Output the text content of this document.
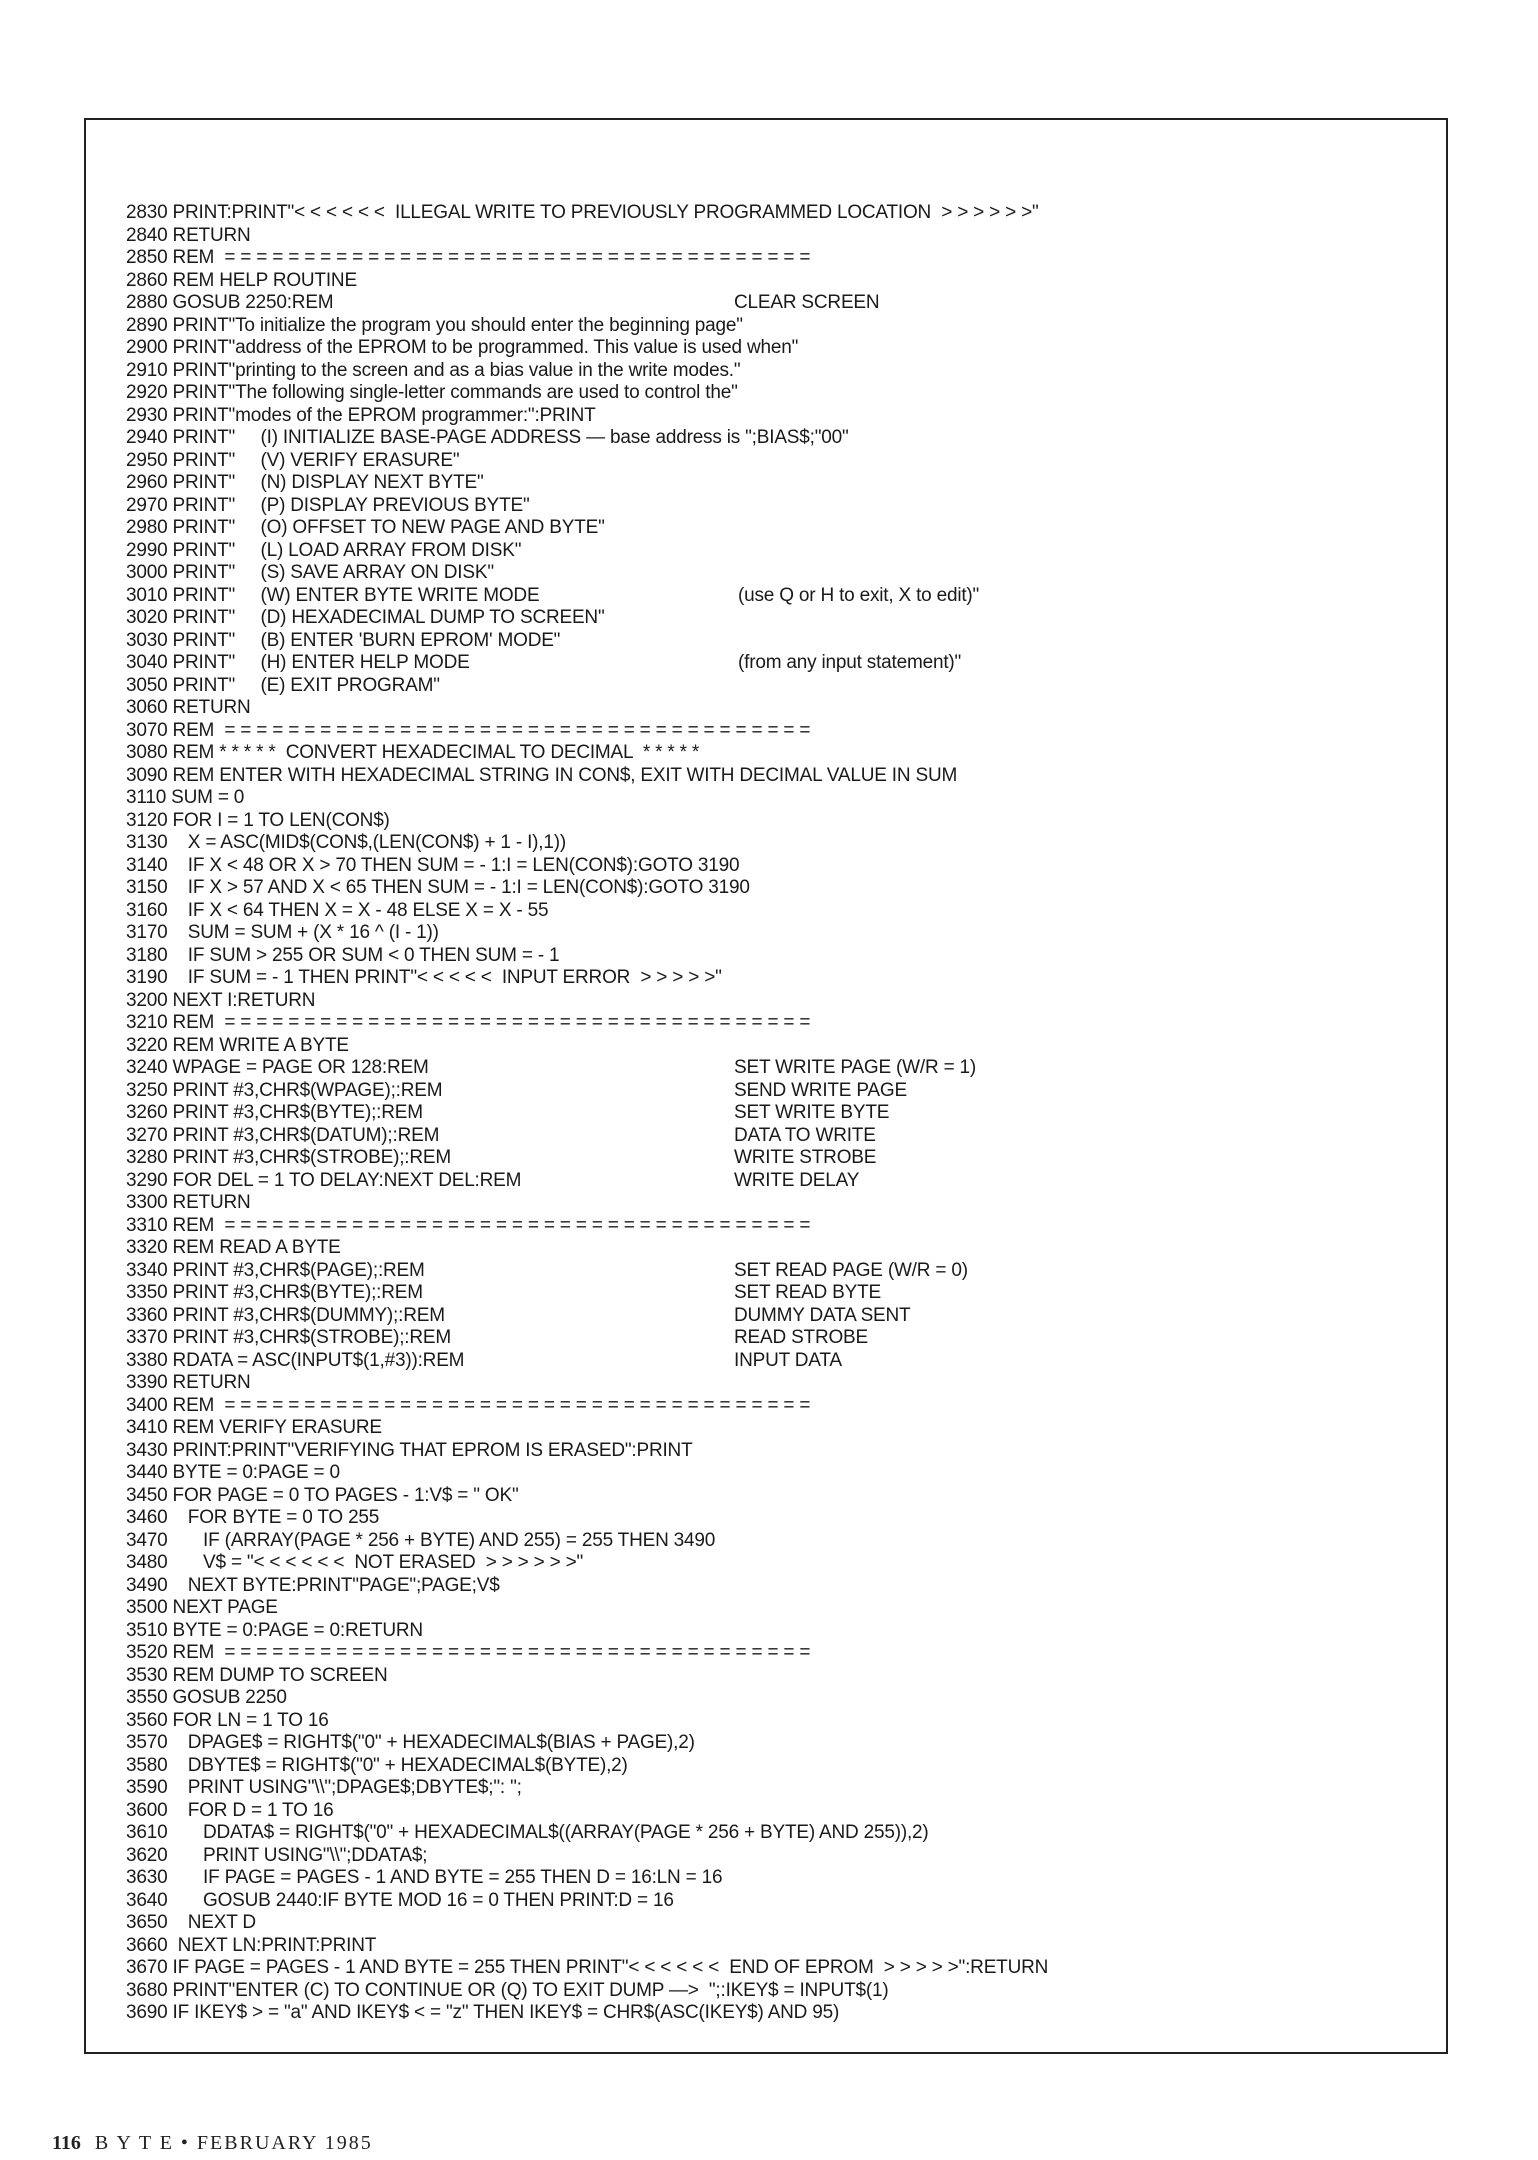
2830 PRINT:PRINT"< < < < < <  ILLEGAL WRITE TO PREVIOUSLY PROGRAMMED LOCATION  > > > > > >"
2840 RETURN
2850 REM  = = = = = = = = = = = = = = = = = = = = = = = = = = = = = = = = = = = = =
2860 REM HELP ROUTINE
2880 GOSUB 2250:REM	CLEAR SCREEN
2890 PRINT"To initialize the program you should enter the beginning page"
2900 PRINT"address of the EPROM to be programmed. This value is used when"
2910 PRINT"printing to the screen and as a bias value in the write modes."
2920 PRINT"The following single-letter commands are used to control the"
2930 PRINT"modes of the EPROM programmer:":PRINT
2940 PRINT"     (I) INITIALIZE BASE-PAGE ADDRESS — base address is ";BIAS$;"00"
2950 PRINT"     (V) VERIFY ERASURE"
2960 PRINT"     (N) DISPLAY NEXT BYTE"
2970 PRINT"     (P) DISPLAY PREVIOUS BYTE"
2980 PRINT"     (O) OFFSET TO NEW PAGE AND BYTE"
2990 PRINT"     (L) LOAD ARRAY FROM DISK"
3000 PRINT"     (S) SAVE ARRAY ON DISK"
3010 PRINT"     (W) ENTER BYTE WRITE MODE	(use Q or H to exit, X to edit)"
3020 PRINT"     (D) HEXADECIMAL DUMP TO SCREEN"
3030 PRINT"     (B) ENTER 'BURN EPROM' MODE"
3040 PRINT"     (H) ENTER HELP MODE	(from any input statement)"
3050 PRINT"     (E) EXIT PROGRAM"
3060 RETURN
3070 REM  = = = = = = = = = = = = = = = = = = = = = = = = = = = = = = = = = = = = =
3080 REM * * * * *  CONVERT HEXADECIMAL TO DECIMAL  * * * * *
3090 REM ENTER WITH HEXADECIMAL STRING IN CON$, EXIT WITH DECIMAL VALUE IN SUM
3110 SUM = 0
3120 FOR I = 1 TO LEN(CON$)
3130    X = ASC(MID$(CON$,(LEN(CON$) + 1 - I),1))
3140    IF X < 48 OR X > 70 THEN SUM = - 1:I = LEN(CON$):GOTO 3190
3150    IF X > 57 AND X < 65 THEN SUM = - 1:I = LEN(CON$):GOTO 3190
3160    IF X < 64 THEN X = X - 48 ELSE X = X - 55
3170    SUM = SUM + (X * 16 ^ (I - 1))
3180    IF SUM > 255 OR SUM < 0 THEN SUM = - 1
3190    IF SUM = - 1 THEN PRINT"< < < < <  INPUT ERROR  > > > > >"
3200 NEXT I:RETURN
3210 REM  = = = = = = = = = = = = = = = = = = = = = = = = = = = = = = = = = = = = =
3220 REM WRITE A BYTE
3240 WPAGE = PAGE OR 128:REM	SET WRITE PAGE (W/R = 1)
3250 PRINT #3,CHR$(WPAGE);:REM	SEND WRITE PAGE
3260 PRINT #3,CHR$(BYTE);:REM	SET WRITE BYTE
3270 PRINT #3,CHR$(DATUM);:REM	DATA TO WRITE
3280 PRINT #3,CHR$(STROBE);:REM	WRITE STROBE
3290 FOR DEL = 1 TO DELAY:NEXT DEL:REM	WRITE DELAY
3300 RETURN
3310 REM  = = = = = = = = = = = = = = = = = = = = = = = = = = = = = = = = = = = = =
3320 REM READ A BYTE
3340 PRINT #3,CHR$(PAGE);:REM	SET READ PAGE (W/R = 0)
3350 PRINT #3,CHR$(BYTE);:REM	SET READ BYTE
3360 PRINT #3,CHR$(DUMMY);:REM	DUMMY DATA SENT
3370 PRINT #3,CHR$(STROBE);:REM	READ STROBE
3380 RDATA = ASC(INPUT$(1,#3)):REM	INPUT DATA
3390 RETURN
3400 REM  = = = = = = = = = = = = = = = = = = = = = = = = = = = = = = = = = = = = =
3410 REM VERIFY ERASURE
3430 PRINT:PRINT"VERIFYING THAT EPROM IS ERASED":PRINT
3440 BYTE = 0:PAGE = 0
3450 FOR PAGE = 0 TO PAGES - 1:V$ = " OK"
3460    FOR BYTE = 0 TO 255
3470       IF (ARRAY(PAGE * 256 + BYTE) AND 255) = 255 THEN 3490
3480       V$ = "< < < < < <  NOT ERASED  > > > > > >"
3490    NEXT BYTE:PRINT"PAGE";PAGE;V$
3500 NEXT PAGE
3510 BYTE = 0:PAGE = 0:RETURN
3520 REM  = = = = = = = = = = = = = = = = = = = = = = = = = = = = = = = = = = = = =
3530 REM DUMP TO SCREEN
3550 GOSUB 2250
3560 FOR LN = 1 TO 16
3570    DPAGE$ = RIGHT$("0" + HEXADECIMAL$(BIAS + PAGE),2)
3580    DBYTE$ = RIGHT$("0" + HEXADECIMAL$(BYTE),2)
3590    PRINT USING"\\";DPAGE$;DBYTE$;": ";
3600    FOR D = 1 TO 16
3610       DDATA$ = RIGHT$("0" + HEXADECIMAL$((ARRAY(PAGE * 256 + BYTE) AND 255)),2)
3620       PRINT USING"\\";DDATA$;
3630       IF PAGE = PAGES - 1 AND BYTE = 255 THEN D = 16:LN = 16
3640       GOSUB 2440:IF BYTE MOD 16 = 0 THEN PRINT:D = 16
3650    NEXT D
3660  NEXT LN:PRINT:PRINT
3670 IF PAGE = PAGES - 1 AND BYTE = 255 THEN PRINT"< < < < < <  END OF EPROM  > > > > >":RETURN
3680 PRINT"ENTER (C) TO CONTINUE OR (Q) TO EXIT DUMP —>  ";:IKEY$ = INPUT$(1)
3690 IF IKEY$ > = "a" AND IKEY$ < = "z" THEN IKEY$ = CHR$(ASC(IKEY$) AND 95)
116 B Y T E • FEBRUARY 1985
